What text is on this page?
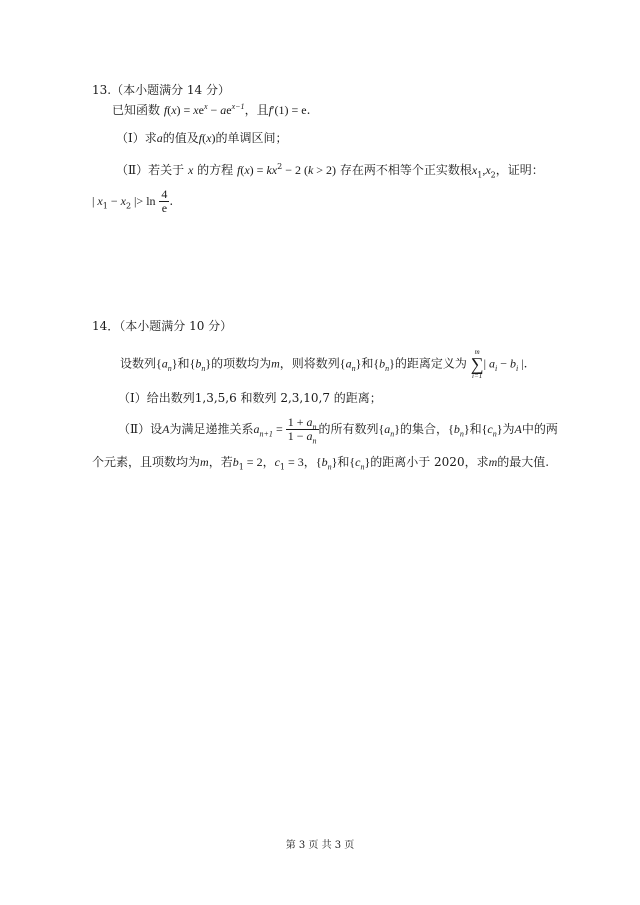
13.（本小题满分 14 分）
已知函数 $f(x) = xe^x - ae^{x-1}$，且f′(1) = e.
（Ⅰ）求a的值及f(x)的单调区间；
（Ⅱ）若关于 x 的方程 $f(x) = kx^2 - 2$ (k > 2) 存在两不相等个正实数根$x_1,x_2$，证明：
| $x_1 - x_2$ |> $\ln \frac{4}{e}$ .
14．（本小题满分 10 分）
设数列$\{a_n\}$和$\{b_n\}$的项数均为m，则将数列$\{a_n\}$和$\{b_n\}$的距离定义为
m
∑
i=1
| $a_i - b_i$ |.
（Ⅰ）给出数列1,3,5,6 和数列 2,3,10,7 的距离；
（Ⅱ）设A为满足递推关系$a_{n+1} = \frac{1 + a_n}{1 - a_n}$ 的所有数列$\{a_n\}$的集合，$\{b_n\}$和$\{c_n\}$为A中的两
个元素，且项数均为m，若$b_1 = 2$，$c_1 = 3$，$\{b_n\}$和$\{c_n\}$的距离小于 2020，求m的最大值.
第 3 页 共 3 页
